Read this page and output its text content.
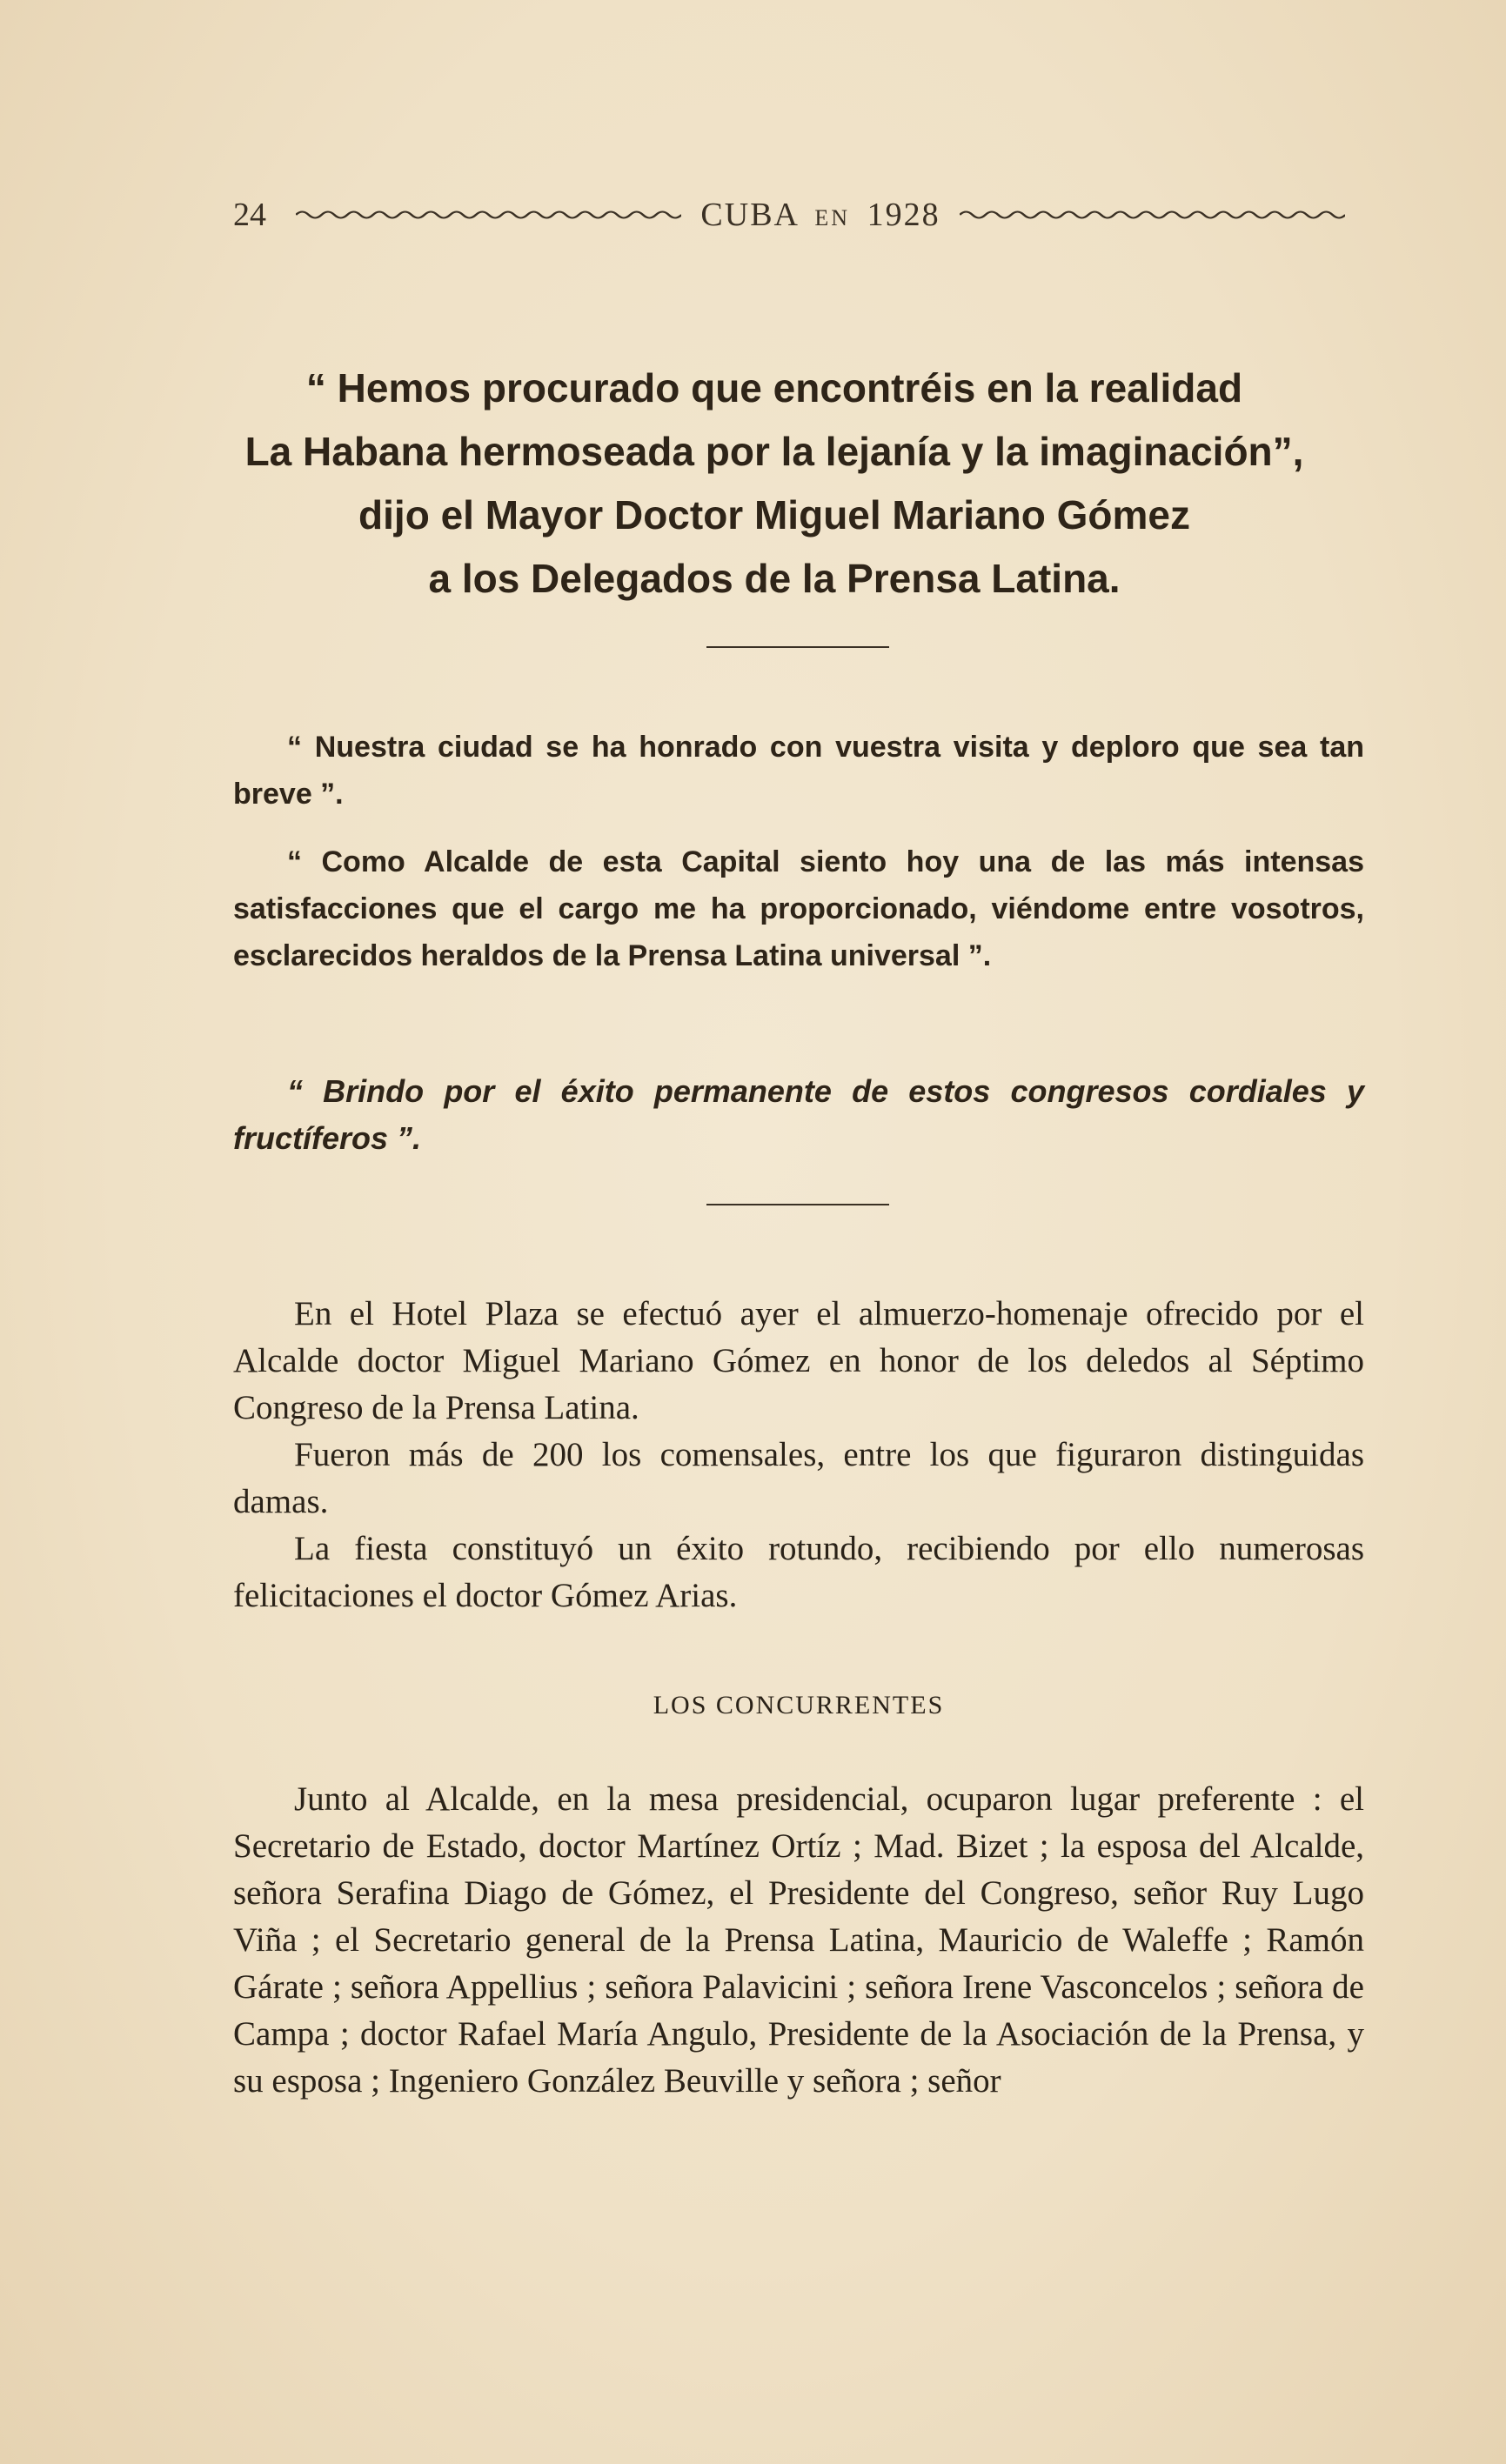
24	CUBA EN 1928
“ Hemos procurado que encontréis en la realidad
La Habana hermoseada por la lejanía y la imaginación”,
dijo el Mayor Doctor Miguel Mariano Gómez
a los Delegados de la Prensa Latina.
“ Nuestra ciudad se ha honrado con vuestra visita y deploro que sea tan breve ”.
“ Como Alcalde de esta Capital siento hoy una de las más intensas satisfacciones que el cargo me ha proporcionado, viéndome entre vosotros, esclarecidos heraldos de la Prensa Latina universal ”.
“ Brindo por el éxito permanente de estos congresos cordiales y fructíferos ”.

En el Hotel Plaza se efectuó ayer el almuerzo-homenaje ofrecido por el Alcalde doctor Miguel Mariano Gómez en honor de los deledos al Séptimo Congreso de la Prensa Latina.

Fueron más de 200 los comensales, entre los que figuraron distinguidas damas.

La fiesta constituyó un éxito rotundo, recibiendo por ello numerosas felicitaciones el doctor Gómez Arias.

LOS CONCURRENTES

Junto al Alcalde, en la mesa presidencial, ocuparon lugar preferente : el Secretario de Estado, doctor Martínez Ortíz ; Mad. Bizet ; la esposa del Alcalde, señora Serafina Diago de Gómez, el Presidente del Congreso, señor Ruy Lugo Viña ; el Secretario general de la Prensa Latina, Mauricio de Waleffe ; Ramón Gárate ; señora Appellius ; señora Palavicini ; señora Irene Vasconcelos ; señora de Campa ; doctor Rafael María Angulo, Presidente de la Asociación de la Prensa, y su esposa ; Ingeniero González Beuville y señora ; señor
